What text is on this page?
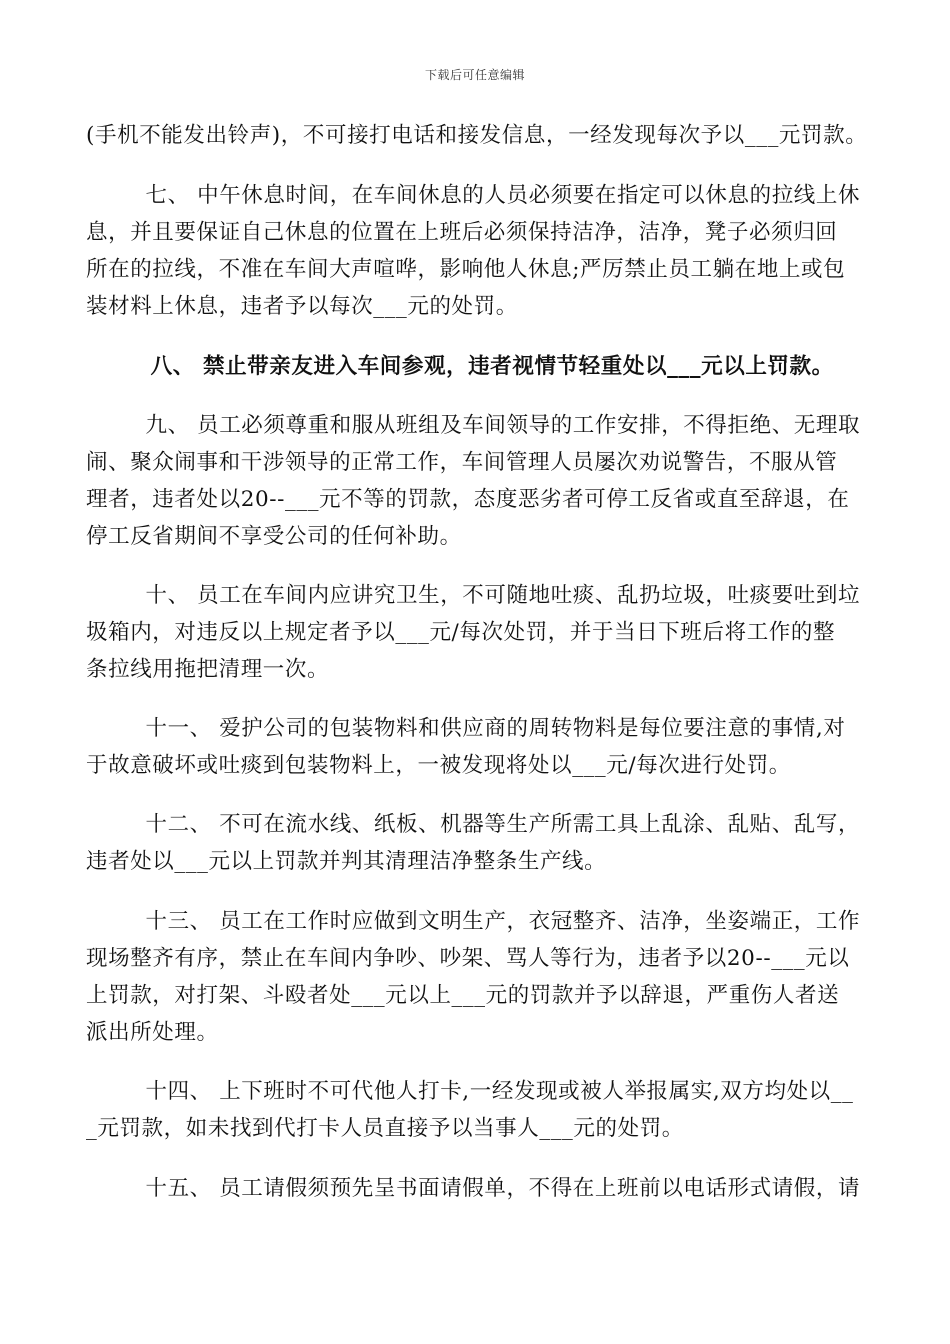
下载后可任意编辑
(手机不能发出铃声)，不可接打电话和接发信息，一经发现每次予以___元罚款。
七、 中午休息时间，在车间休息的人员必须要在指定可以休息的拉线上休
息，并且要保证自己休息的位置在上班后必须保持洁净，洁净，凳子必须归回
所在的拉线，不准在车间大声喧哗，影响他人休息;严厉禁止员工躺在地上或包
装材料上休息，违者予以每次___元的处罚。
八、 禁止带亲友进入车间参观，违者视情节轻重处以___元以上罚款。
九、 员工必须尊重和服从班组及车间领导的工作安排，不得拒绝、无理取
闹、聚众闹事和干涉领导的正常工作，车间管理人员屡次劝说警告，不服从管
理者，违者处以20--___元不等的罚款，态度恶劣者可停工反省或直至辞退，在
停工反省期间不享受公司的任何补助。
十、 员工在车间内应讲究卫生，不可随地吐痰、乱扔垃圾，吐痰要吐到垃
圾箱内，对违反以上规定者予以___元/每次处罚，并于当日下班后将工作的整
条拉线用拖把清理一次。
十一、 爱护公司的包装物料和供应商的周转物料是每位要注意的事情,对
于故意破坏或吐痰到包装物料上，一被发现将处以___元/每次进行处罚。
十二、 不可在流水线、纸板、机器等生产所需工具上乱涂、乱贴、乱写，
违者处以___元以上罚款并判其清理洁净整条生产线。
十三、 员工在工作时应做到文明生产，衣冠整齐、洁净，坐姿端正，工作
现场整齐有序，禁止在车间内争吵、吵架、骂人等行为，违者予以20--___元以
上罚款，对打架、斗殴者处___元以上___元的罚款并予以辞退，严重伤人者送
派出所处理。
十四、 上下班时不可代他人打卡,一经发现或被人举报属实,双方均处以__
_元罚款，如未找到代打卡人员直接予以当事人___元的处罚。
十五、 员工请假须预先呈书面请假单，不得在上班前以电话形式请假，请
